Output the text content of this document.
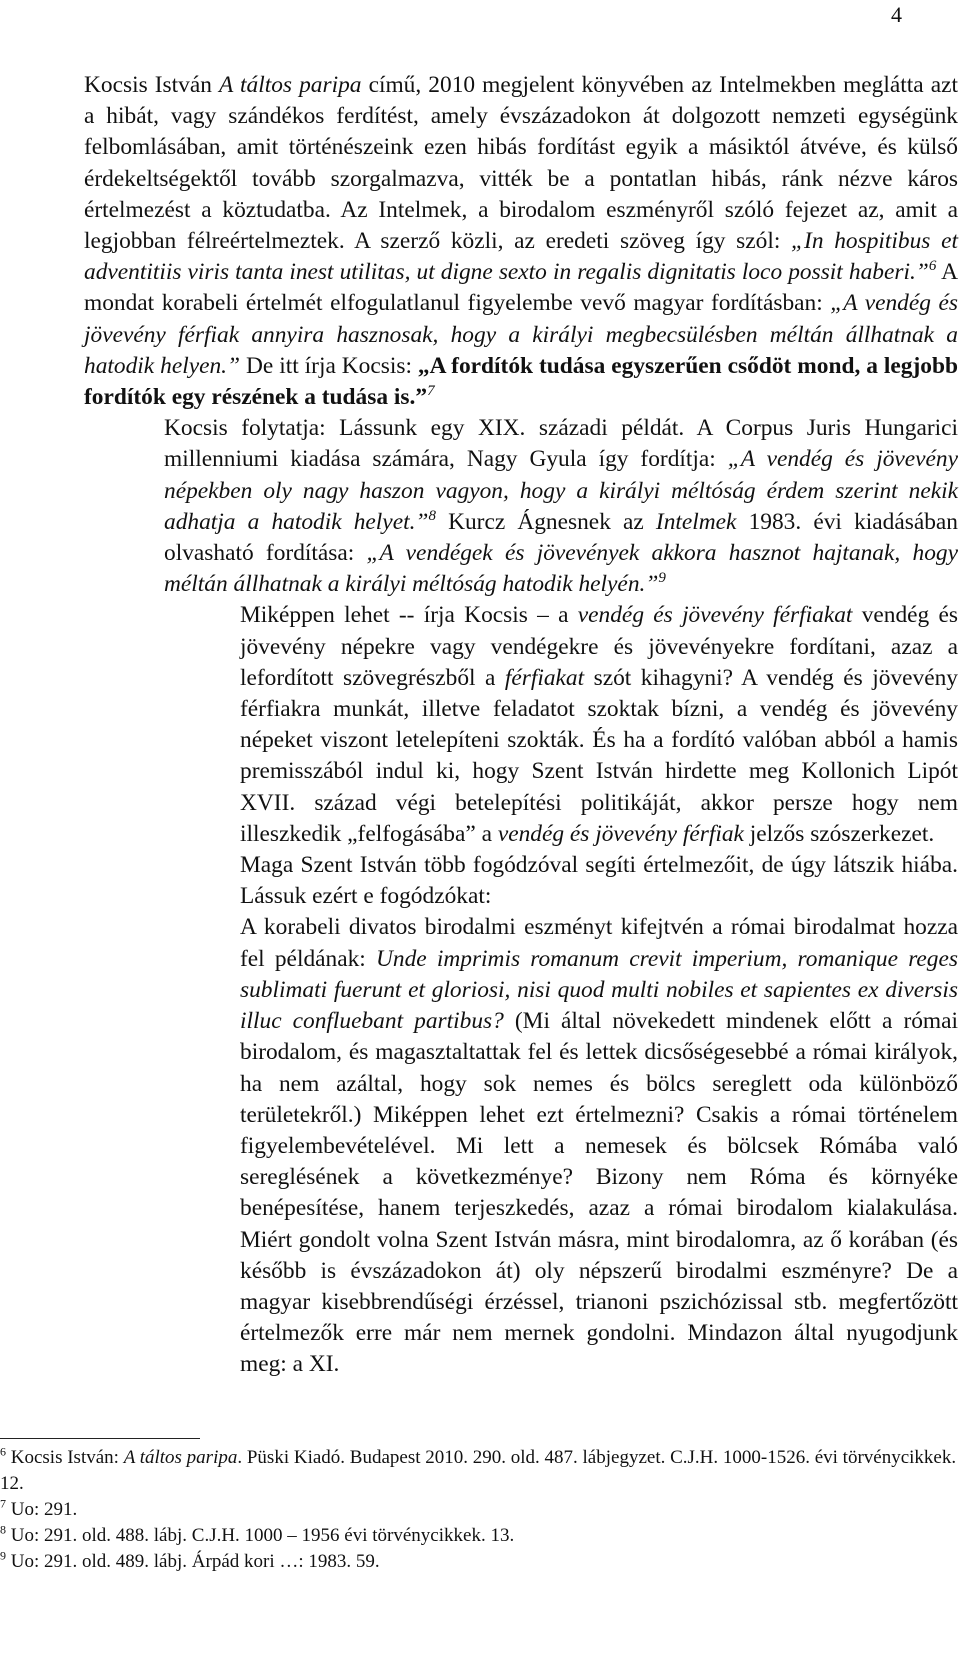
4

Kocsis István A táltos paripa című, 2010 megjelent könyvében az Intelmekben meglátta azt a hibát, vagy szándékos ferdítést, amely évszázadokon át dolgozott nemzeti egységünk felbomlásában, amit történészeink ezen hibás fordítást egyik a másiktól átvéve, és külső érdekeltségektől tovább szorgalmazva, vitték be a pontatlan hibás, ránk nézve káros értelmezést a köztudatba. Az Intelmek, a birodalom eszményről szóló fejezet az, amit a legjobban félreértelmeztek. A szerző közli, az eredeti szöveg így szól: „In hospitibus et adventitiis viris tanta inest utilitas, ut digne sexto in regalis dignitatis loco possit haberi.”$^6$ A mondat korabeli értelmét elfogulatlanul figyelembe vevő magyar fordításban: „A vendég és jövevény férfiak annyira hasznosak, hogy a királyi megbecsülésben méltán állhatnak a hatodik helyen.” De itt írja Kocsis: „A fordítók tudása egyszerűen csődöt mond, a legjobb fordítók egy részének a tudása is.”$^7$

Kocsis folytatja: Lássunk egy XIX. századi példát. A Corpus Juris Hungarici millenniumi kiadása számára, Nagy Gyula így fordítja: „A vendég és jövevény népekben oly nagy haszon vagyon, hogy a királyi méltóság érdem szerint nekik adhatja a hatodik helyet.”$^8$ Kurcz Ágnesnek az Intelmek 1983. évi kiadásában olvasható fordítása: „A vendégek és jövevények akkora hasznot hajtanak, hogy méltán állhatnak a királyi méltóság hatodik helyén.”$^9$

Miképpen lehet -- írja Kocsis – a vendég és jövevény férfiakat vendég és jövevény népekre vagy vendégekre és jövevényekre fordítani, azaz a lefordított szövegrészből a férfiakat szót kihagyni? A vendég és jövevény férfiakra munkát, illetve feladatot szoktak bízni, a vendég és jövevény népeket viszont letelepíteni szokták. És ha a fordító valóban abból a hamis premisszából indul ki, hogy Szent István hirdette meg Kollonich Lipót XVII. század végi betelepítési politikáját, akkor persze hogy nem illeszkedik „felfogásába” a vendég és jövevény férfiak jelzős szószerkezet.

Maga Szent István több fogódzóval segíti értelmezőit, de úgy látszik hiába. Lássuk ezért e fogódzókat:

A korabeli divatos birodalmi eszményt kifejtvén a római birodalmat hozza fel példának: Unde imprimis romanum crevit imperium, romanique reges sublimati fuerunt et gloriosi, nisi quod multi nobiles et sapientes ex diversis illuc confluebant partibus? (Mi által növekedett mindenek előtt a római birodalom, és magasztaltattak fel és lettek dicsőségesebbé a római királyok, ha nem azáltal, hogy sok nemes és bölcs sereglett oda különböző területekről.) Miképpen lehet ezt értelmezni? Csakis a római történelem figyelembevételével. Mi lett a nemesek és bölcsek Rómába való sereglésének a következménye? Bizony nem Róma és környéke benépesítése, hanem terjeszkedés, azaz a római birodalom kialakulása. Miért gondolt volna Szent István másra, mint birodalomra, az ő korában (és később is évszázadokon át) oly népszerű birodalmi eszményre? De a magyar kisebbrendűségi érzéssel, trianoni pszichózissal stb. megfertőzött értelmezők erre már nem mernek gondolni. Mindazon által nyugodjunk meg: a XI.

$^6$ Kocsis István: A táltos paripa. Püski Kiadó. Budapest 2010. 290. old. 487. lábjegyzet. C.J.H. 1000-1526. évi törvénycikkek. 12.
$^7$ Uo: 291.
$^8$ Uo: 291. old. 488. lábj. C.J.H. 1000 – 1956 évi törvénycikkek. 13.
$^9$ Uo: 291. old. 489. lábj. Árpád kori …: 1983. 59.
